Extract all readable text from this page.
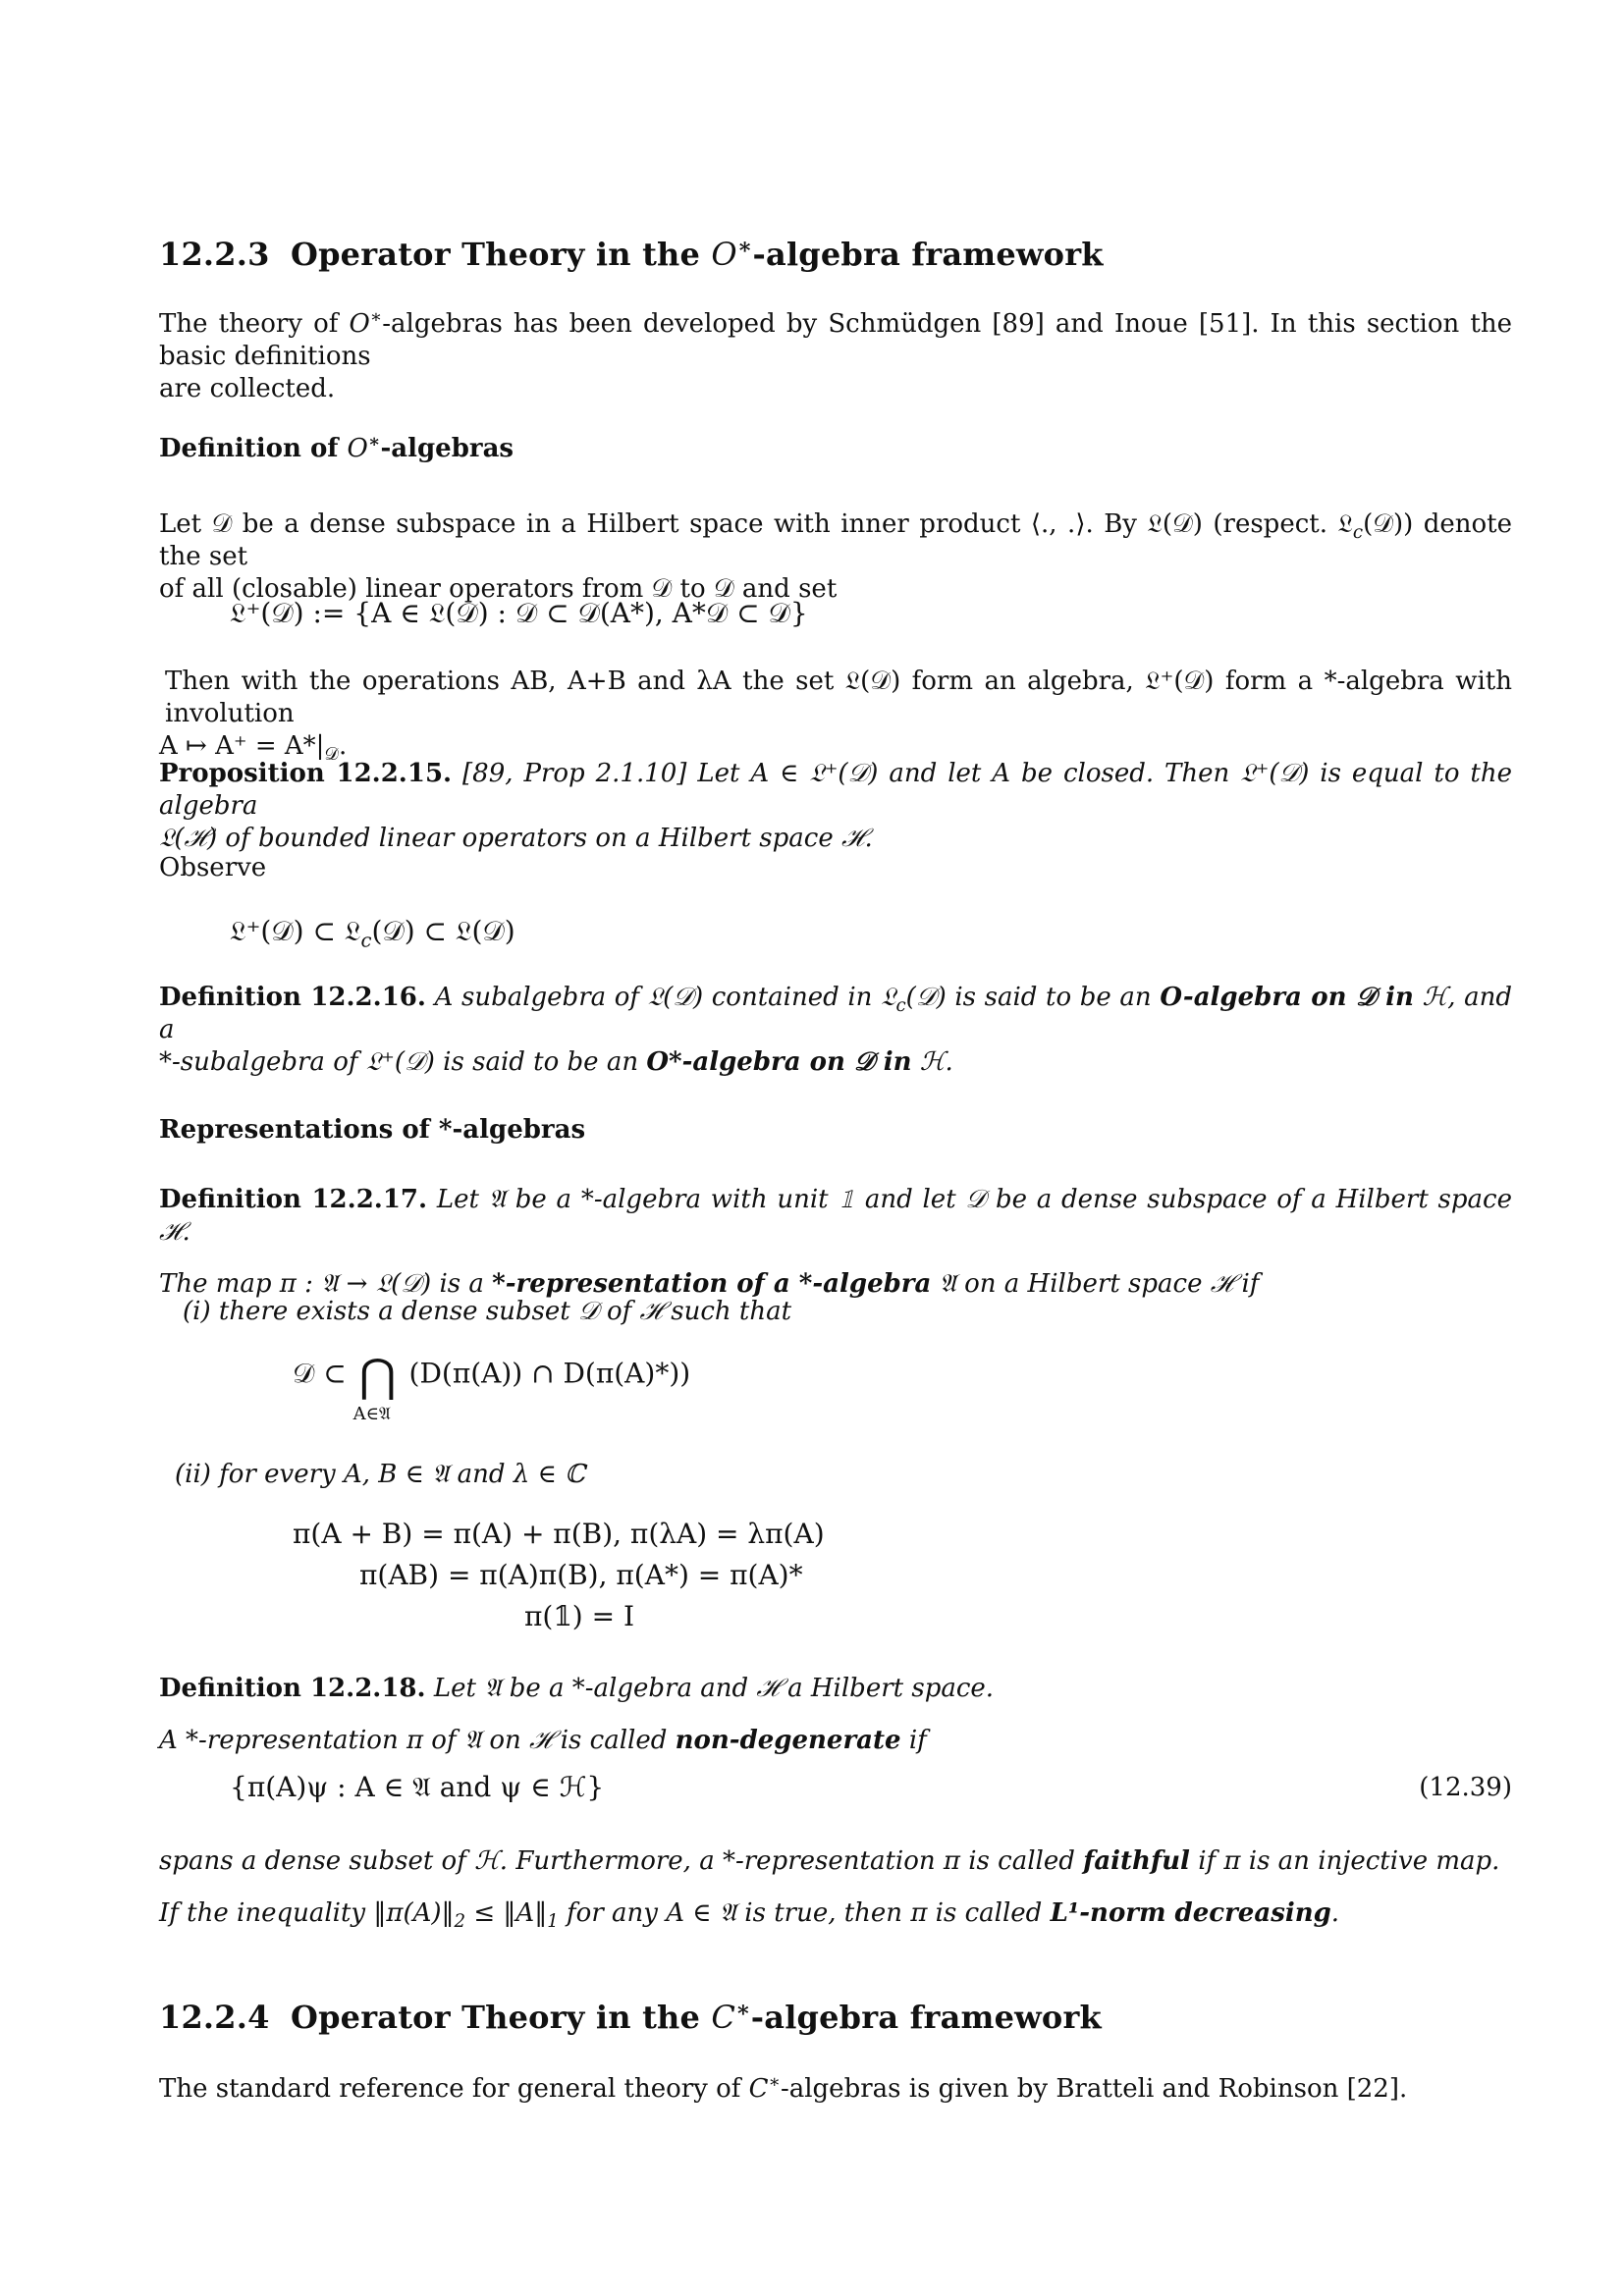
12.2.3 Operator Theory in the O∗-algebra framework

The theory of O∗-algebras has been developed by Schmüdgen [89] and Inoue [51]. In this section the basic definitions

are collected.

Definition of O∗-algebras

Let 𝒟 be a dense subspace in a Hilbert space with inner product ⟨., .⟩. By 𝔏(𝒟) (respect. 𝔏$_c$(𝒟)) denote the set

of all (closable) linear operators from 𝒟 to 𝒟 and set

𝔏⁺(𝒟) := {A ∈ 𝔏(𝒟) : 𝒟 ⊂ 𝒟(A*), A*𝒟 ⊂ 𝒟}

Then with the operations AB, A+B and λA the set 𝔏(𝒟) form an algebra, 𝔏⁺(𝒟) form a *-algebra with involution

A ↦ $A^+ = A*|_𝒟$.

Proposition 12.2.15. [89, Prop 2.1.10] Let A ∈ 𝔏⁺(𝒟) and let A be closed. Then 𝔏⁺(𝒟) is equal to the algebra

𝔏(ℋ) of bounded linear operators on a Hilbert space ℋ.

Observe
𝔏⁺(𝒟) ⊂ 𝔏$_c$(𝒟) ⊂ 𝔏(𝒟)

Definition 12.2.16. A subalgebra of 𝔏(𝒟) contained in 𝔏$_c$(𝒟) is said to be an O-algebra on 𝒟 in ℋ, and a

*-subalgebra of 𝔏⁺(𝒟) is said to be an O*-algebra on 𝒟 in ℋ.

Representations of *-algebras

Definition 12.2.17. Let 𝔄 be a *-algebra with unit 𝟙 and let 𝒟 be a dense subspace of a Hilbert space ℋ.

The map π : 𝔄 → 𝔏(𝒟) is a *-representation of a *-algebra 𝔄 on a Hilbert space ℋ if

(i) there exists a dense subset 𝒟 of ℋ such that
𝒟 ⊂ ⋂
A∈𝔄
(D(π(A)) ∩ D(π(A)*))
(ii) for every A, B ∈ 𝔄 and λ ∈ ℂ
π(A + B) = π(A) + π(B), π(λA) = λπ(A)
π(AB) = π(A)π(B), π(A*) = π(A)*
π(𝟙) = I

Definition 12.2.18. Let 𝔄 be a *-algebra and ℋ a Hilbert space.

A *-representation π of 𝔄 on ℋ is called non-degenerate if

{π(A)ψ : A ∈ 𝔄 and ψ ∈ ℋ}	(12.39)

spans a dense subset of ℋ. Furthermore, a *-representation π is called faithful if π is an injective map.

If the inequality $‖\pi(A)‖_2$ ≤ $‖A‖_1$ for any A ∈ 𝔄 is true, then π is called L¹-norm decreasing.

12.2.4 Operator Theory in the C∗-algebra framework

The standard reference for general theory of C∗-algebras is given by Bratteli and Robinson [22].
